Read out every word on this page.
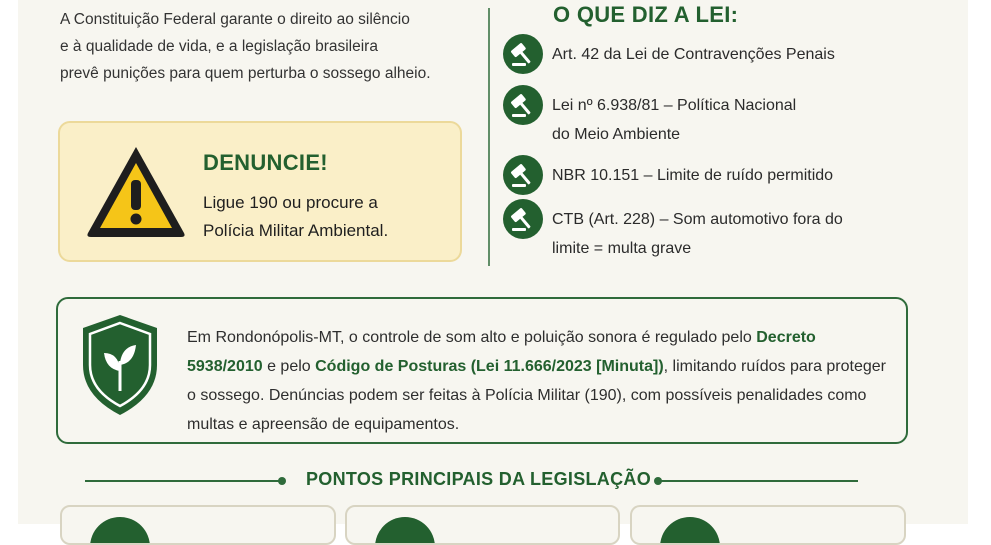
A Constituição Federal garante o direito ao silêncio
e à qualidade de vida, e a legislação brasileira
prevê punições para quem perturba o sossego alheio.

DENUNCIE!
Ligue 190 ou procure a
Polícia Militar Ambiental.
O QUE DIZ A LEI:
Art. 42 da Lei de Contravenções Penais
Lei nº 6.938/81 – Política Nacional
do Meio Ambiente
NBR 10.151 – Limite de ruído permitido
CTB (Art. 228) – Som automotivo fora do
limite = multa grave

Em Rondonópolis-MT, o controle de som alto e poluição sonora é regulado pelo Decreto 5938/2010 e pelo Código de Posturas (Lei 11.666/2023 [Minuta]), limitando ruídos para proteger o sossego. Denúncias podem ser feitas à Polícia Militar (190), com possíveis penalidades como multas e apreensão de equipamentos.

PONTOS PRINCIPAIS DA LEGISLAÇÃO
